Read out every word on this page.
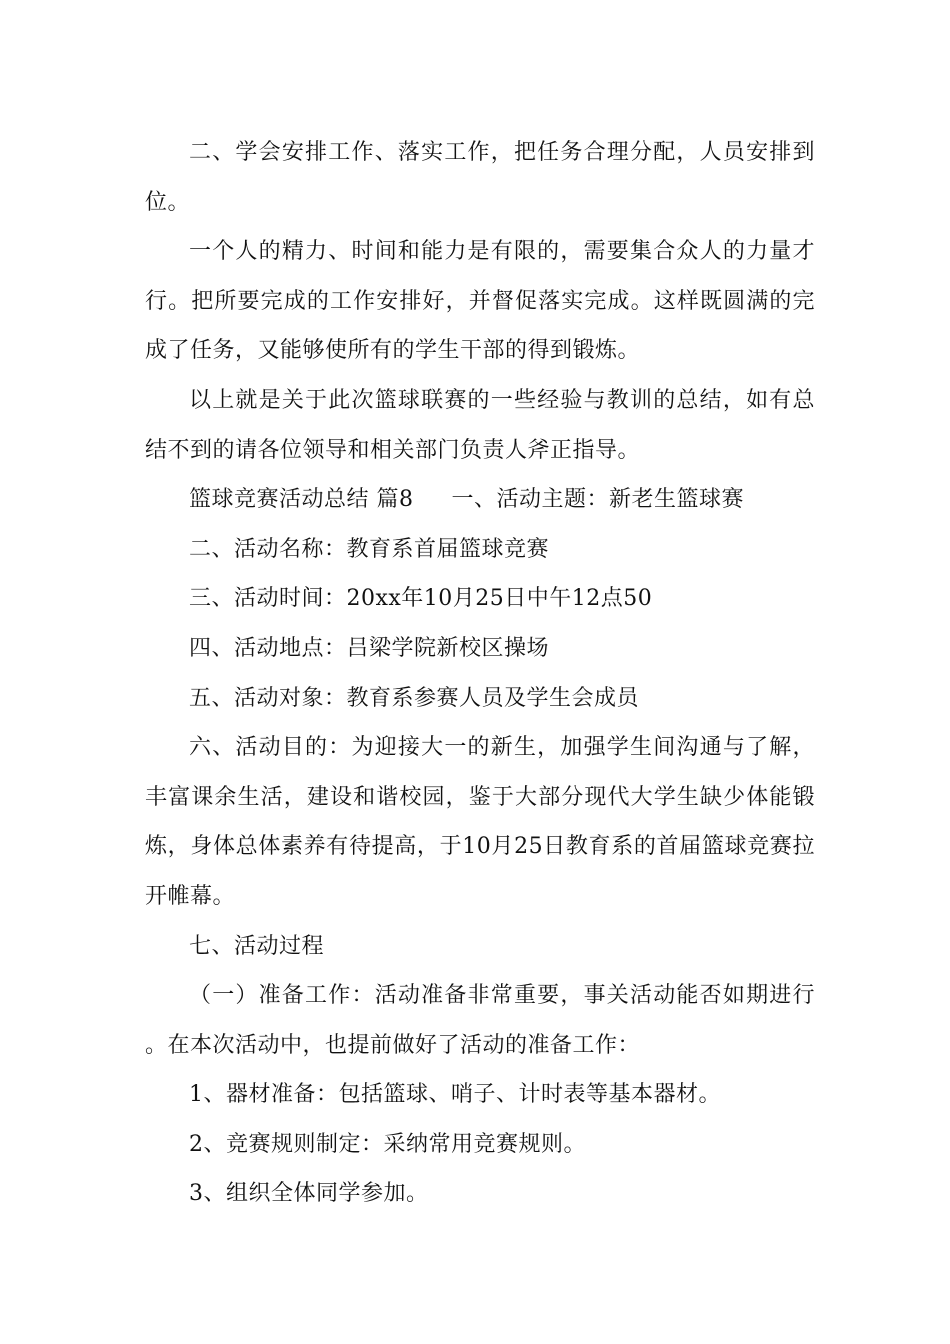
二、学会安排工作、落实工作，把任务合理分配，人员安排到位。

一个人的精力、时间和能力是有限的，需要集合众人的力量才行。把所要完成的工作安排好，并督促落实完成。这样既圆满的完成了任务，又能够使所有的学生干部的得到锻炼。

以上就是关于此次篮球联赛的一些经验与教训的总结，如有总结不到的请各位领导和相关部门负责人斧正指导。

篮球竞赛活动总结 篇8 一、活动主题：新老生篮球赛

二、活动名称：教育系首届篮球竞赛

三、活动时间：20xx年10月25日中午12点50

四、活动地点：吕梁学院新校区操场

五、活动对象：教育系参赛人员及学生会成员

六、活动目的：为迎接大一的新生，加强学生间沟通与了解，丰富课余生活，建设和谐校园，鉴于大部分现代大学生缺少体能锻炼，身体总体素养有待提高，于10月25日教育系的首届篮球竞赛拉开帷幕。

七、活动过程

（一）准备工作：活动准备非常重要，事关活动能否如期进行。在本次活动中，也提前做好了活动的准备工作：

1、器材准备：包括篮球、哨子、计时表等基本器材。

2、竞赛规则制定：采纳常用竞赛规则。

3、组织全体同学参加。
